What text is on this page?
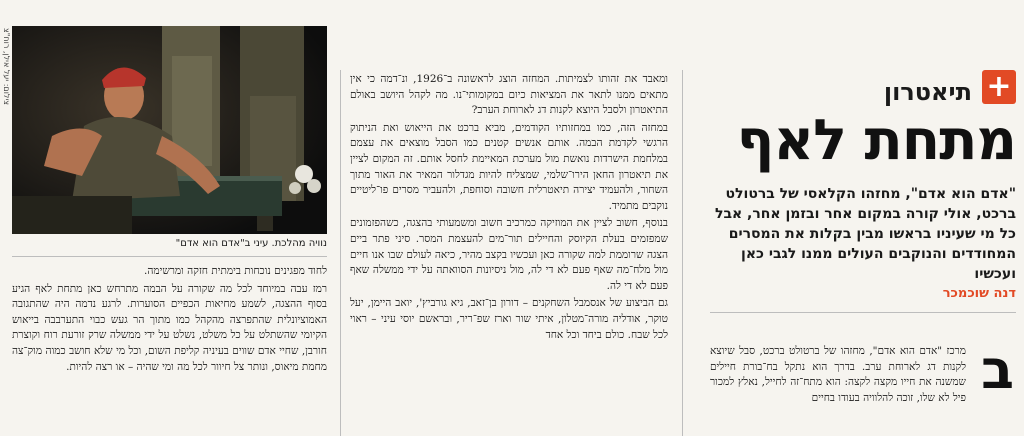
+
תיאטרון
מתחת לאף
"אדם הוא אדם", מחזהו הקלאסי של ברטולט ברכט, אולי קורה במקום אחר ובזמן אחר, אבל כל מי שעיניו בראשו מבין בקלות את המסרים המחודדים והנוקבים העולים ממנו לגבי כאן ועכשיו
דנה שוכמכר
ב
מרכז "אדם הוא אדם", מחזהו של ברטולט ברכט, סבל שיוצא לקנות דג לארוחת ערב. בדרך הוא נתקל בח־בורת חיילים שמשנה את חייו מקצה לקצה: הוא מתח־זה לחייל, נאלץ למכור פיל לא שלו, זוכה להלוויה בעודו בחיים

ומאבד את זהותו לצמיתות. המחזה הוצג לראשונה ב־1926, ונ־דמה כי אין מתאים ממנו לתאר את המציאות כיום במקומותי־נו. מה לקהל היושב באולם התיאטרון ולסבל היוצא לקנות דג לארוחת הערב?

במחזה הזה, כמו במחזותיו הקודמים, מביא ברכט את הייאוש ואת הניתוק הרגשי לקדמת הבמה. אותם אנשים קטנים כמו הסבל מוצאים את עצמם במלחמת הישרדות נואשת מול מערכת המאיימת לחסל אותם. זה המקום לציין את תיאטרון החאן הירו־שלמי, שמצליח להיות מגדלור המאיר את האור מתוך השחור, ולהעמיד יצירה תיאטרלית חשובה וסוחפת, ולהעביר מסרים פו־ליטיים נוקבים מתמיד.

בנוסף, חשוב לציין את המוזיקה כמרכיב חשוב ומשמעותי בהצגה, כשהפזמונים שמפזמים בעלת הקיוסק והחיילים תור־מים להעצמת המסר. סיני פתר ביים הצגה שרוממת למה שקורה כאן ועכשיו בקצב מהיר, כיאה לעולם שבו אנו חיים מול מלח־מה שאף פעם לא די לה, מול ניסיונות הסוואתה על ידי ממשלה שאף פעם לא די לה.

גם הביצוע של אנסמבל השחקנים – דורון בן־זאב, גיא גורביץ', יואב היימן, יעל טוקר, אודליה מורה־מטלון, איתי שור וארז שפ־ריר, ובראשם יוסי עיני – ראוי לכל שבח. כולם ביחד וכל אחד

צילום: יעל אילן, רוח"צ
נוויה מהלכת. עיני ב"אדם הוא אדם"

לחוד מפגינים נוכחות בימתית חזקה ומרשימה.

רמז עבה במיוחד לכל מה שקורה על הבמה מתרחש כאן מתחת לאף הגיע בסוף ההצגה, לשמע מחיאות הכפיים הסוערות. לרגע נדמה היה שהתגובה האמוציונלית שהתפרצה מהקהל כמו מתוך הר געש כבוי התערבבה בייאוש הקיומי שהשתלט על כל משלט, נשלט על ידי ממשלה שרק זורעת רוח וקוצרת חורבן, שחיי אדם שווים בעיניה קליפת השום, וכל מי שלא חושב כמוה מוק־צה מחמת מיאוס, ונותר צל חיוור לכל מה ומי שהיה – או רצה להיות.
